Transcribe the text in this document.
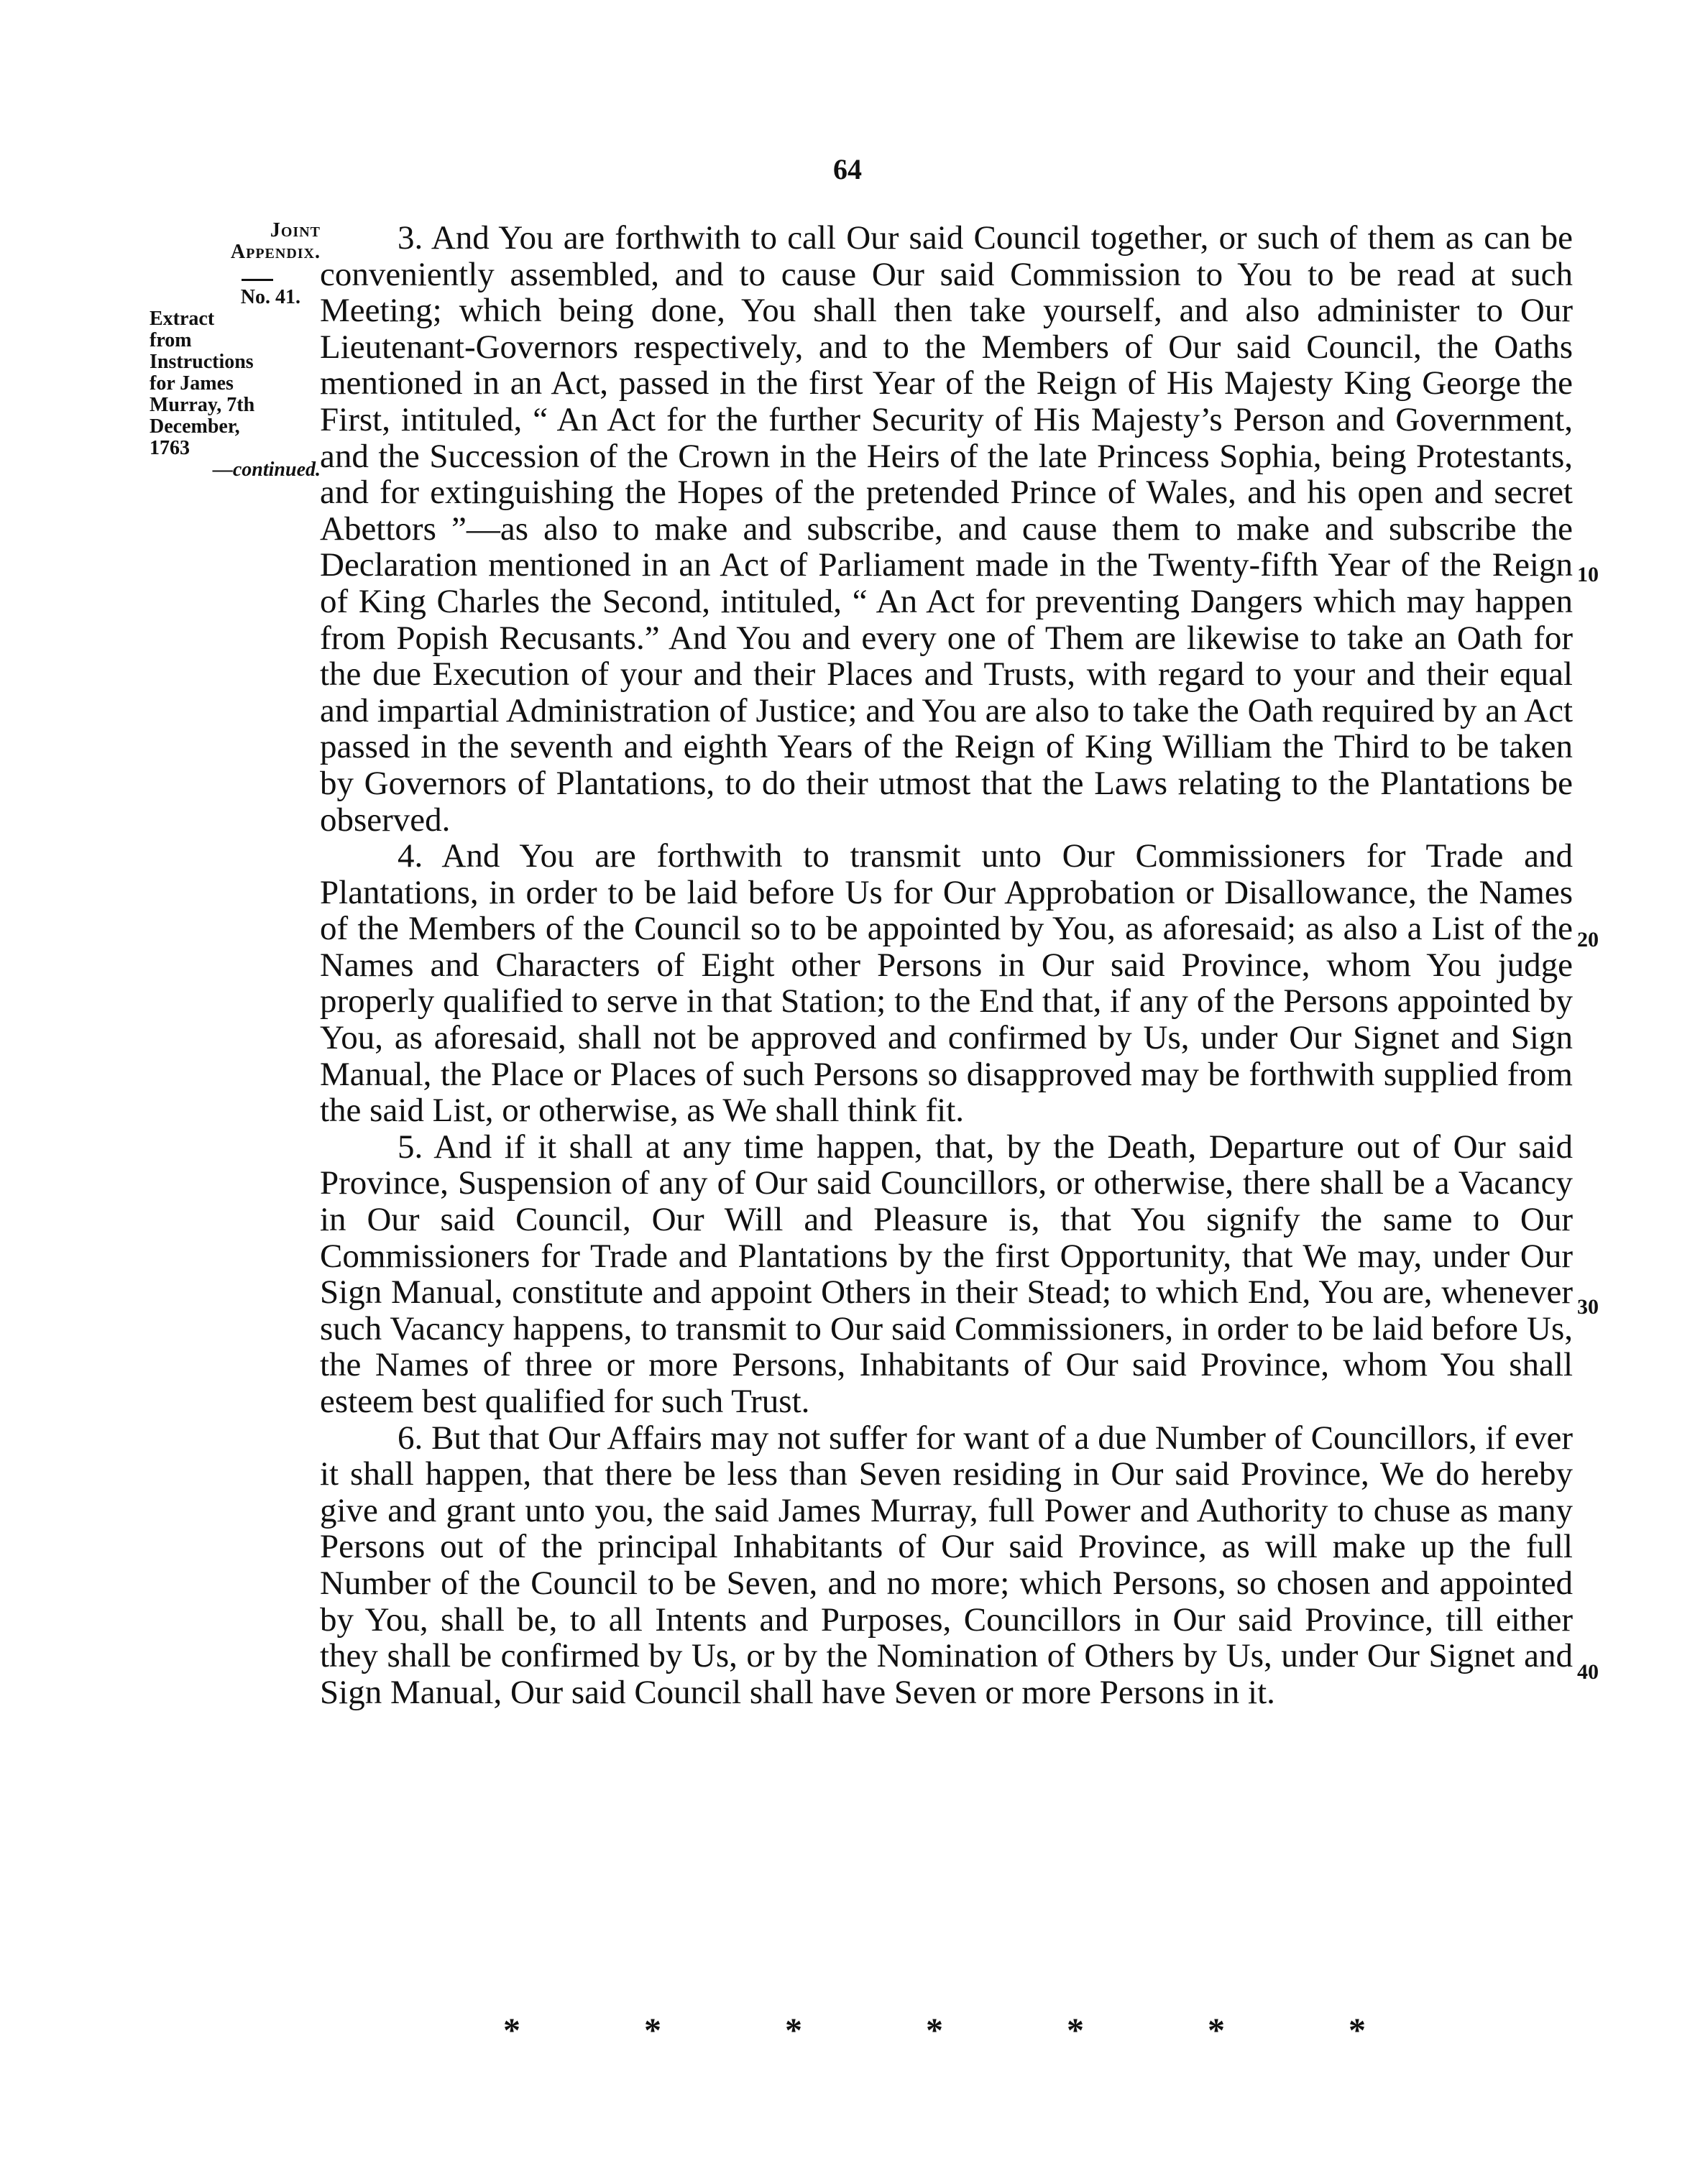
64
Joint
Appendix.
No. 41.
Extract
from
Instructions
for James
Murray, 7th
December,
1763
—continued.

3. And You are forthwith to call Our said Council together, or such of them as can be conveniently assembled, and to cause Our said Commission to You to be read at such Meeting; which being done, You shall then take yourself, and also administer to Our Lieutenant-Governors respectively, and to the Members of Our said Council, the Oaths mentioned in an Act, passed in the first Year of the Reign of His Majesty King George the First, intituled, “ An Act for the further Security of His Majesty’s Person and Government, and the Succession of the Crown in the Heirs of the late Princess Sophia, being Protestants, and for extinguishing the Hopes of the pretended Prince of Wales, and his open and secret Abettors ”—as also to make and subscribe, and cause them to make and subscribe the Declaration mentioned in an Act of Parliament made in the Twenty-fifth Year of the Reign of King Charles the Second, intituled, “ An Act for preventing Dangers which may happen from Popish Recusants.” And You and every one of Them are likewise to take an Oath for the due Execution of your and their Places and Trusts, with regard to your and their equal and impartial Administration of Justice; and You are also to take the Oath required by an Act passed in the seventh and eighth Years of the Reign of King William the Third to be taken by Governors of Plantations, to do their utmost that the Laws relating to the Plantations be observed.

4. And You are forthwith to transmit unto Our Commissioners for Trade and Plantations, in order to be laid before Us for Our Approbation or Disallowance, the Names of the Members of the Council so to be appointed by You, as aforesaid; as also a List of the Names and Characters of Eight other Persons in Our said Province, whom You judge properly qualified to serve in that Station; to the End that, if any of the Persons appointed by You, as aforesaid, shall not be approved and confirmed by Us, under Our Signet and Sign Manual, the Place or Places of such Persons so disapproved may be forthwith supplied from the said List, or otherwise, as We shall think fit.

5. And if it shall at any time happen, that, by the Death, Departure out of Our said Province, Suspension of any of Our said Councillors, or otherwise, there shall be a Vacancy in Our said Council, Our Will and Pleasure is, that You signify the same to Our Commissioners for Trade and Plantations by the first Opportunity, that We may, under Our Sign Manual, constitute and appoint Others in their Stead; to which End, You are, whenever such Vacancy happens, to transmit to Our said Commissioners, in order to be laid before Us, the Names of three or more Persons, Inhabitants of Our said Province, whom You shall esteem best qualified for such Trust.

6. But that Our Affairs may not suffer for want of a due Number of Councillors, if ever it shall happen, that there be less than Seven residing in Our said Province, We do hereby give and grant unto you, the said James Murray, full Power and Authority to chuse as many Persons out of the principal Inhabitants of Our said Province, as will make up the full Number of the Council to be Seven, and no more; which Persons, so chosen and appointed by You, shall be, to all Intents and Purposes, Councillors in Our said Province, till either they shall be confirmed by Us, or by the Nomination of Others by Us, under Our Signet and Sign Manual, Our said Council shall have Seven or more Persons in it.

10
20
30
40
*	*	*	*	*	*	*
